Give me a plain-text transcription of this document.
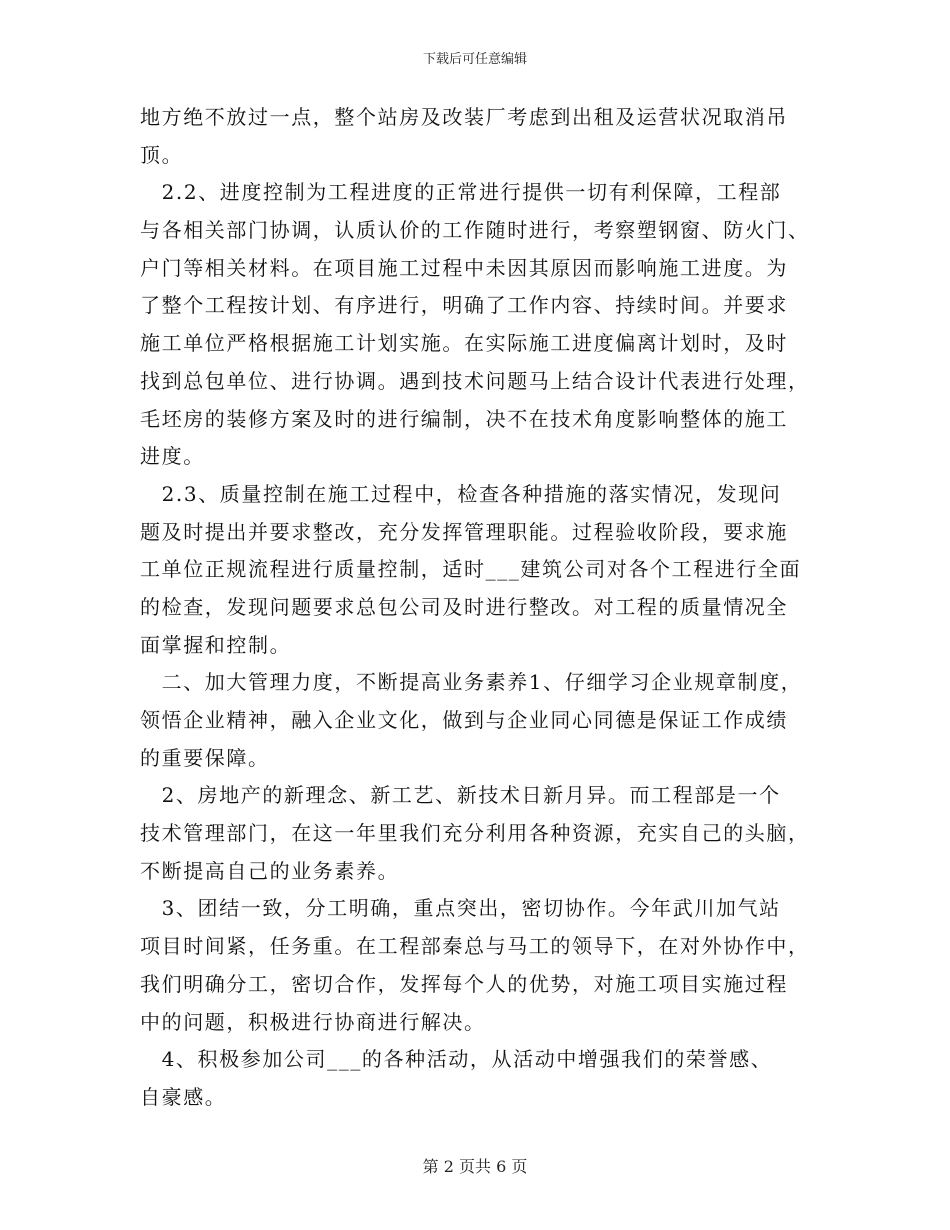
下载后可任意编辑
地方绝不放过一点，整个站房及改装厂考虑到出租及运营状况取消吊
顶。
　2.2、进度控制为工程进度的正常进行提供一切有利保障，工程部
与各相关部门协调，认质认价的工作随时进行，考察塑钢窗、防火门、
户门等相关材料。在项目施工过程中未因其原因而影响施工进度。为
了整个工程按计划、有序进行，明确了工作内容、持续时间。并要求
施工单位严格根据施工计划实施。在实际施工进度偏离计划时，及时
找到总包单位、进行协调。遇到技术问题马上结合设计代表进行处理，
毛坯房的装修方案及时的进行编制，决不在技术角度影响整体的施工
进度。
　2.3、质量控制在施工过程中，检查各种措施的落实情况，发现问
题及时提出并要求整改，充分发挥管理职能。过程验收阶段，要求施
工单位正规流程进行质量控制，适时___建筑公司对各个工程进行全面
的检查，发现问题要求总包公司及时进行整改。对工程的质量情况全
面掌握和控制。
　二、加大管理力度，不断提高业务素养1、仔细学习企业规章制度，
领悟企业精神，融入企业文化，做到与企业同心同德是保证工作成绩
的重要保障。
　2、房地产的新理念、新工艺、新技术日新月异。而工程部是一个
技术管理部门，在这一年里我们充分利用各种资源，充实自己的头脑，
不断提高自己的业务素养。
　3、团结一致，分工明确，重点突出，密切协作。今年武川加气站
项目时间紧，任务重。在工程部秦总与马工的领导下，在对外协作中，
我们明确分工，密切合作，发挥每个人的优势，对施工项目实施过程
中的问题，积极进行协商进行解决。
　4、积极参加公司___的各种活动，从活动中增强我们的荣誉感、
自豪感。
第 2 页共 6 页
